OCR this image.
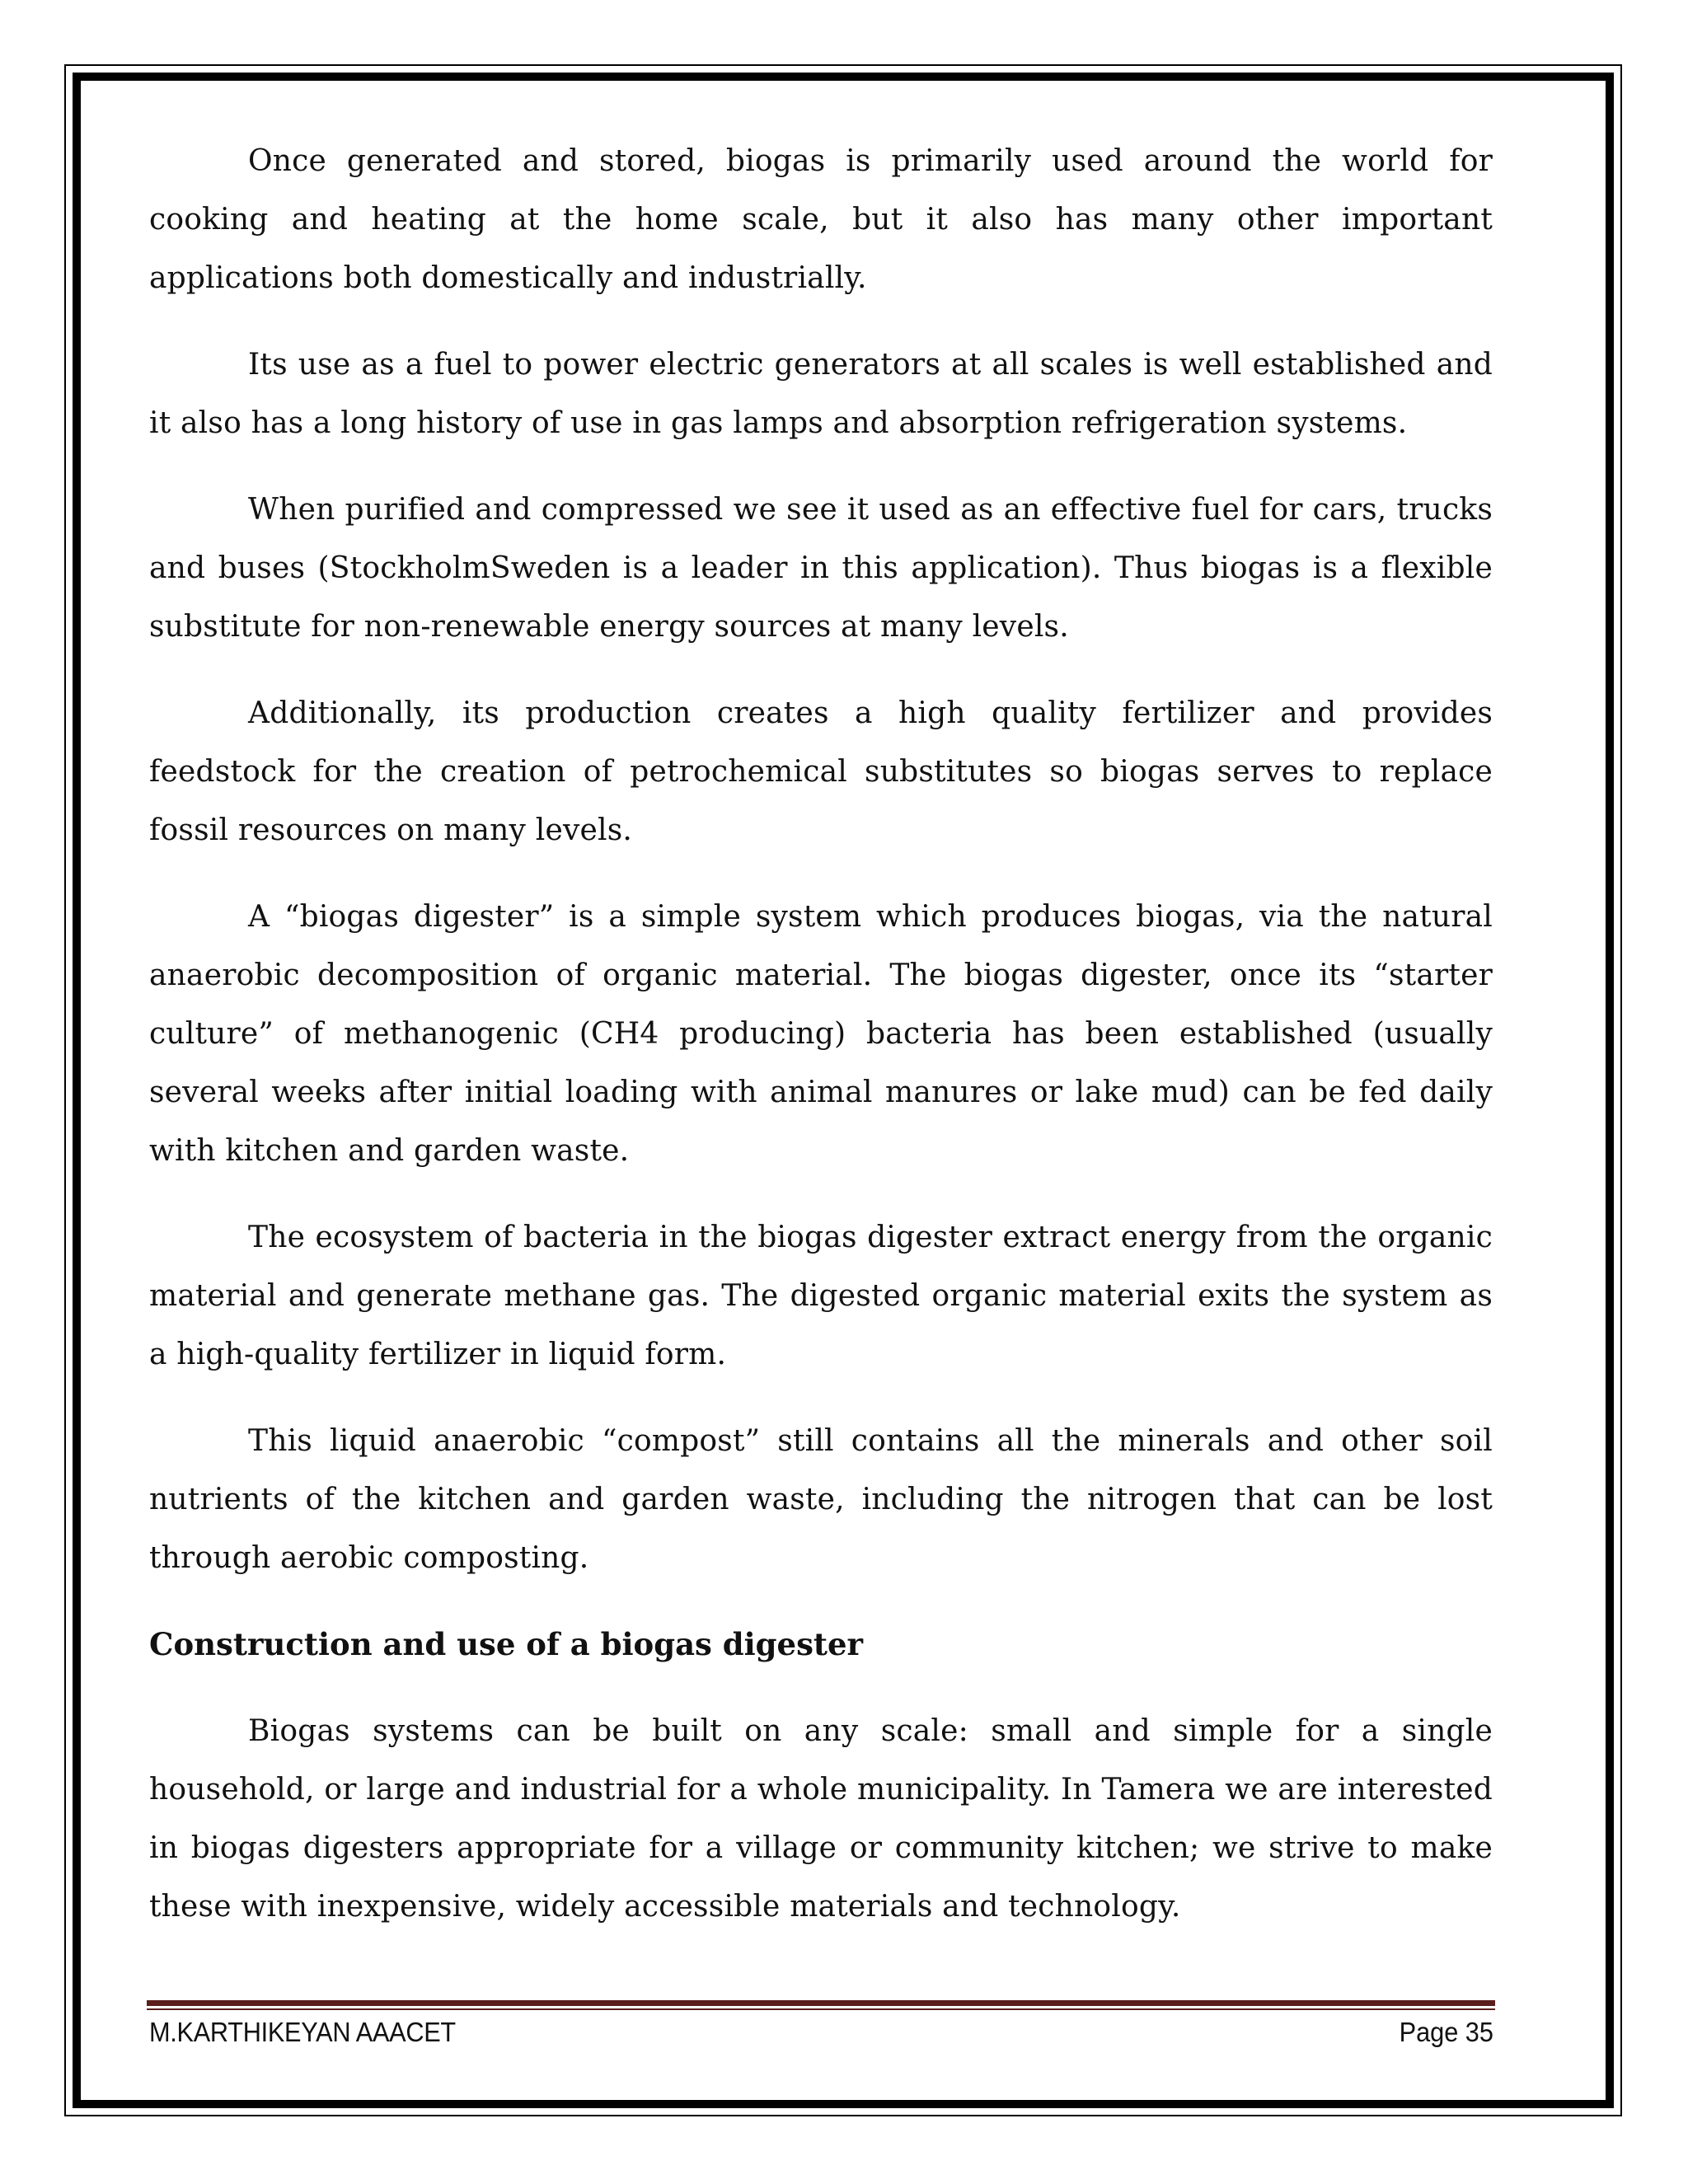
Once generated and stored, biogas is primarily used around the world for cooking and heating at the home scale, but it also has many other important applications both domestically and industrially.

Its use as a fuel to power electric generators at all scales is well established and it also has a long history of use in gas lamps and absorption refrigeration systems.

When purified and compressed we see it used as an effective fuel for cars, trucks and buses (StockholmSweden is a leader in this application). Thus biogas is a flexible substitute for non-renewable energy sources at many levels.

Additionally, its production creates a high quality fertilizer and provides feedstock for the creation of petrochemical substitutes so biogas serves to replace fossil resources on many levels.

A “biogas digester” is a simple system which produces biogas, via the natural anaerobic decomposition of organic material. The biogas digester, once its “starter culture” of methanogenic (CH4 producing) bacteria has been established (usually several weeks after initial loading with animal manures or lake mud) can be fed daily with kitchen and garden waste.

The ecosystem of bacteria in the biogas digester extract energy from the organic material and generate methane gas. The digested organic material exits the system as a high-quality fertilizer in liquid form.

This liquid anaerobic “compost” still contains all the minerals and other soil nutrients of the kitchen and garden waste, including the nitrogen that can be lost through aerobic composting.

Construction and use of a biogas digester

Biogas systems can be built on any scale: small and simple for a single household, or large and industrial for a whole municipality. In Tamera we are interested in biogas digesters appropriate for a village or community kitchen; we strive to make these with inexpensive, widely accessible materials and technology.

M.KARTHIKEYAN AAACET	Page 35
